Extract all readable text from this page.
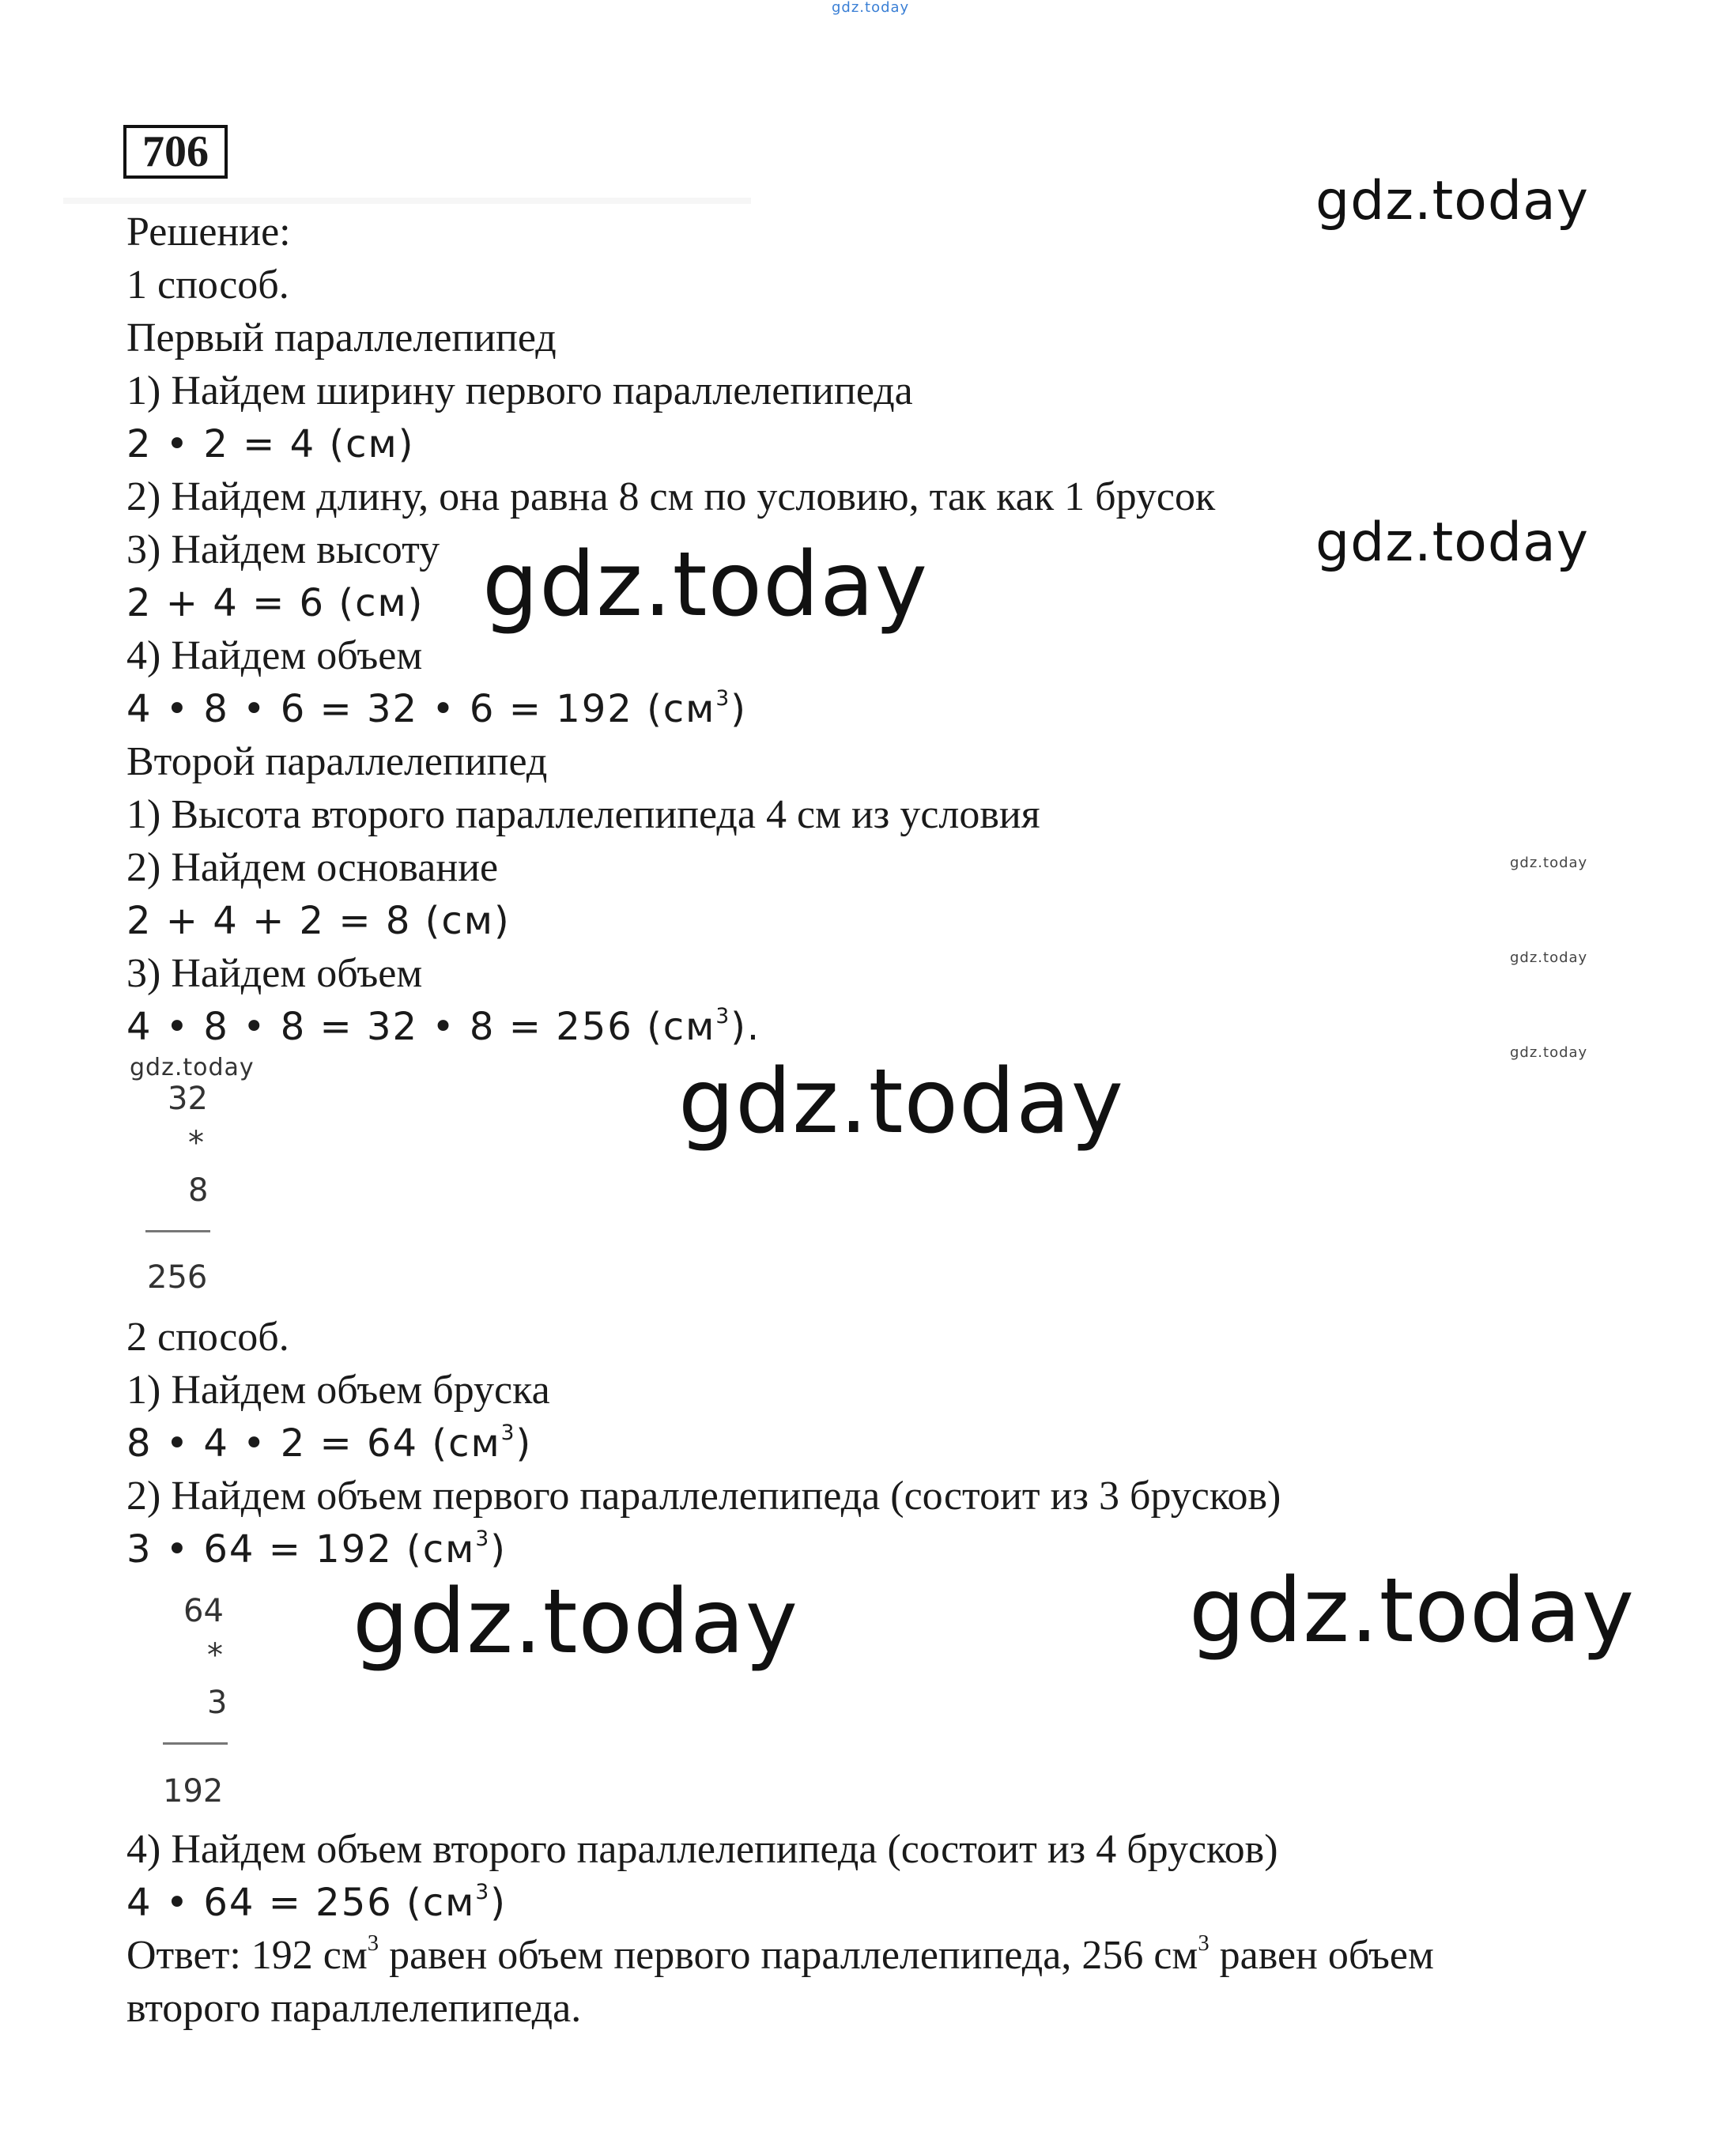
gdz.today
706
Решение:
1 способ.
Первый параллелепипед
1) Найдем ширину первого параллелепипеда
2 • 2 = 4 (см)
2) Найдем длину, она равна 8 см по условию, так как 1 брусок
3) Найдем высоту
2 + 4 = 6 (см)
4) Найдем объем
4 • 8 • 6 = 32 • 6 = 192 $(см^3)$
Второй параллелепипед
1) Высота второго параллелепипеда 4 см из условия
2) Найдем основание
2 + 4 + 2 = 8 (см)
3) Найдем объем
4 • 8 • 8 = 32 • 8 = 256 $(см^3)$.
gdz.today
32
*
8
256
2 способ.
1) Найдем объем бруска
8 • 4 • 2 = 64 $(см^3)$
2) Найдем объем первого параллелепипеда (состоит из 3 брусков)
3 • 64 = 192 $(см^3)$
64
*
3
192
4) Найдем объем второго параллелепипеда (состоит из 4 брусков)
4 • 64 = 256 $(см^3)$
Ответ: 192 $см^3$ равен объем первого параллелепипеда, 256 $см^3$ равен объем
второго параллелепипеда.
gdz.today
gdz.today
gdz.today
gdz.today
gdz.today
gdz.today
gdz.today
gdz.today	gdz.today
